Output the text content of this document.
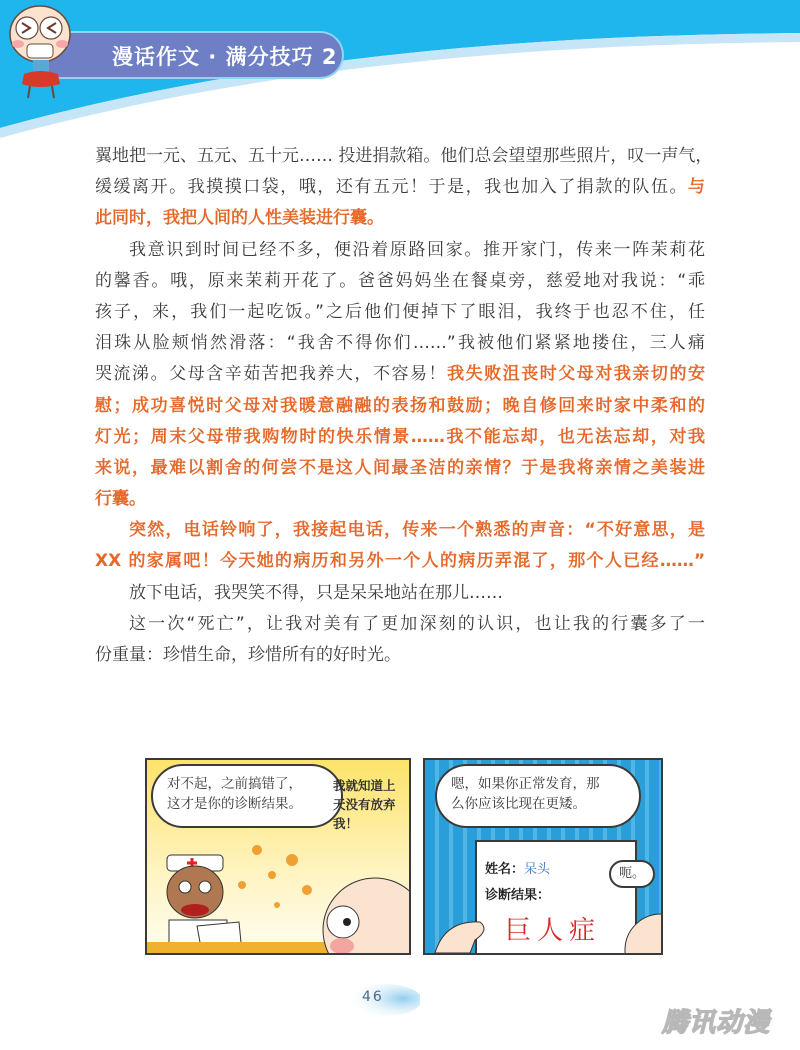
漫话作文 · 满分技巧 2
翼地把一元、五元、五十元…… 投进捐款箱。他们总会望望那些照片，叹一声气，
缓缓离开。我摸摸口袋，哦，还有五元！于是，我也加入了捐款的队伍。与
此同时，我把人间的人性美装进行囊。
我意识到时间已经不多，便沿着原路回家。推开家门，传来一阵茉莉花
的馨香。哦，原来茉莉开花了。爸爸妈妈坐在餐桌旁，慈爱地对我说：“乖
孩子，来，我们一起吃饭。”之后他们便掉下了眼泪，我终于也忍不住，任
泪珠从脸颊悄然滑落：“我舍不得你们……”我被他们紧紧地搂住，三人痛
哭流涕。父母含辛茹苦把我养大，不容易！我失败沮丧时父母对我亲切的安
慰；成功喜悦时父母对我暖意融融的表扬和鼓励；晚自修回来时家中柔和的
灯光；周末父母带我购物时的快乐情景……我不能忘却，也无法忘却，对我
来说，最难以割舍的何尝不是这人间最圣洁的亲情？于是我将亲情之美装进
行囊。
突然，电话铃响了，我接起电话，传来一个熟悉的声音：“不好意思，是
XX 的家属吧！今天她的病历和另外一个人的病历弄混了，那个人已经……”
放下电话，我哭笑不得，只是呆呆地站在那儿……
这一次“死亡”，让我对美有了更加深刻的认识，也让我的行囊多了一
份重量：珍惜生命，珍惜所有的好时光。
对不起，之前搞错了，
这才是你的诊断结果。
我就知道上
天没有放弃
我！
嗯，如果你正常发育，那
么你应该比现在更矮。
姓名：呆头
诊断结果：
巨人症
呃。
46
腾讯动漫
